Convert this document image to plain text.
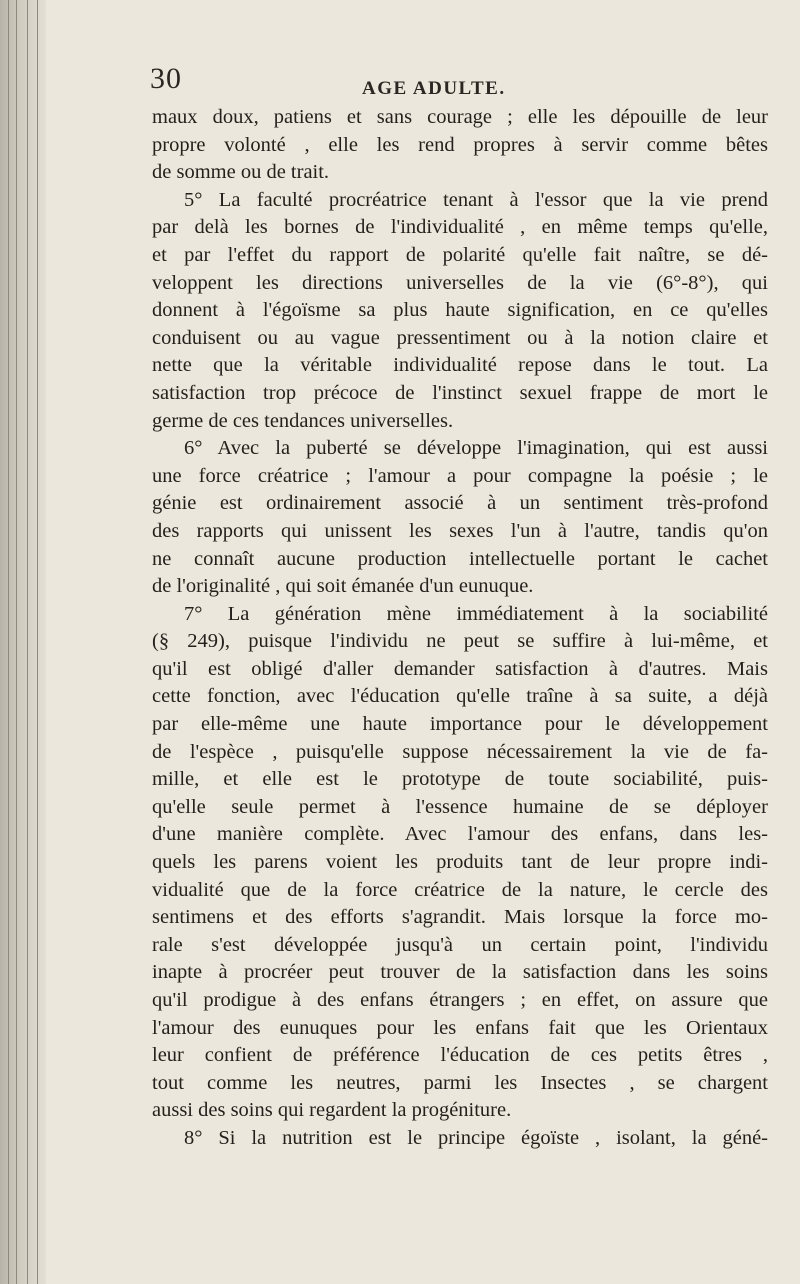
30	AGE ADULTE.

maux doux, patiens et sans courage ; elle les dépouille de leur

propre volonté , elle les rend propres à servir comme bêtes

de somme ou de trait.

5° La faculté procréatrice tenant à l'essor que la vie prend

par delà les bornes de l'individualité , en même temps qu'elle,

et par l'effet du rapport de polarité qu'elle fait naître, se dé-

veloppent les directions universelles de la vie (6°-8°), qui

donnent à l'égoïsme sa plus haute signification, en ce qu'elles

conduisent ou au vague pressentiment ou à la notion claire et

nette que la véritable individualité repose dans le tout. La

satisfaction trop précoce de l'instinct sexuel frappe de mort le

germe de ces tendances universelles.

6° Avec la puberté se développe l'imagination, qui est aussi

une force créatrice ; l'amour a pour compagne la poésie ; le

génie est ordinairement associé à un sentiment très-profond

des rapports qui unissent les sexes l'un à l'autre, tandis qu'on

ne connaît aucune production intellectuelle portant le cachet

de l'originalité , qui soit émanée d'un eunuque.

7° La génération mène immédiatement à la sociabilité

(§ 249), puisque l'individu ne peut se suffire à lui-même, et

qu'il est obligé d'aller demander satisfaction à d'autres. Mais

cette fonction, avec l'éducation qu'elle traîne à sa suite, a déjà

par elle-même une haute importance pour le développement

de l'espèce , puisqu'elle suppose nécessairement la vie de fa-

mille, et elle est le prototype de toute sociabilité, puis-

qu'elle seule permet à l'essence humaine de se déployer

d'une manière complète. Avec l'amour des enfans, dans les-

quels les parens voient les produits tant de leur propre indi-

vidualité que de la force créatrice de la nature, le cercle des

sentimens et des efforts s'agrandit. Mais lorsque la force mo-

rale s'est développée jusqu'à un certain point, l'individu

inapte à procréer peut trouver de la satisfaction dans les soins

qu'il prodigue à des enfans étrangers ; en effet, on assure que

l'amour des eunuques pour les enfans fait que les Orientaux

leur confient de préférence l'éducation de ces petits êtres ,

tout comme les neutres, parmi les Insectes , se chargent

aussi des soins qui regardent la progéniture.

8° Si la nutrition est le principe égoïste , isolant, la géné-
